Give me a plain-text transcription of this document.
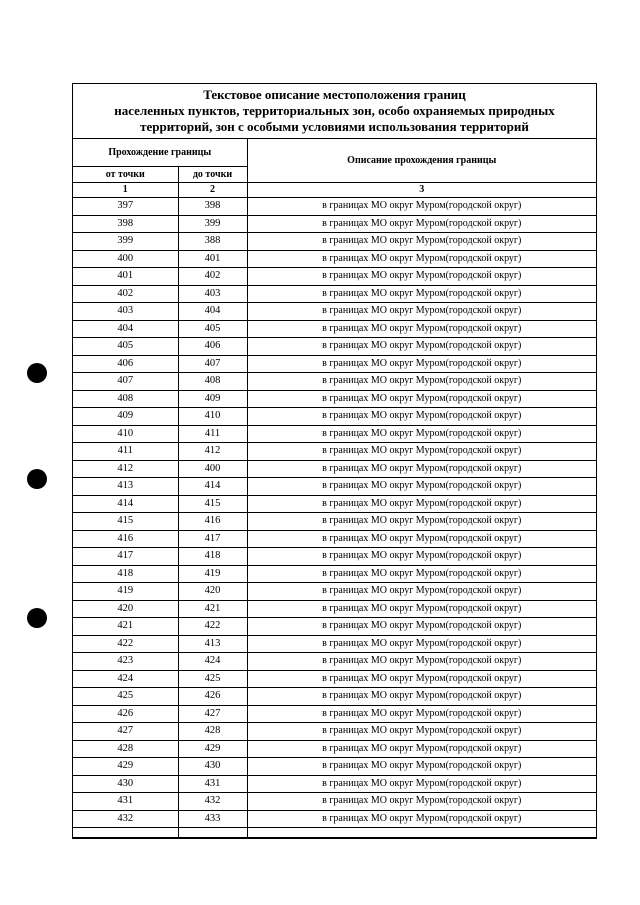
Текстовое описание местоположения границ
населенных пунктов, территориальных зон, особо охраняемых природных
территорий, зон с особыми условиями использования территорий
Прохождение границы		Описание прохождения границы
от точки	до точки	
1	2	3
397	398	в границах МО округ Муром(городской округ)
398	399	в границах МО округ Муром(городской округ)
399	388	в границах МО округ Муром(городской округ)
400	401	в границах МО округ Муром(городской округ)
401	402	в границах МО округ Муром(городской округ)
402	403	в границах МО округ Муром(городской округ)
403	404	в границах МО округ Муром(городской округ)
404	405	в границах МО округ Муром(городской округ)
405	406	в границах МО округ Муром(городской округ)
406	407	в границах МО округ Муром(городской округ)
407	408	в границах МО округ Муром(городской округ)
408	409	в границах МО округ Муром(городской округ)
409	410	в границах МО округ Муром(городской округ)
410	411	в границах МО округ Муром(городской округ)
411	412	в границах МО округ Муром(городской округ)
412	400	в границах МО округ Муром(городской округ)
413	414	в границах МО округ Муром(городской округ)
414	415	в границах МО округ Муром(городской округ)
415	416	в границах МО округ Муром(городской округ)
416	417	в границах МО округ Муром(городской округ)
417	418	в границах МО округ Муром(городской округ)
418	419	в границах МО округ Муром(городской округ)
419	420	в границах МО округ Муром(городской округ)
420	421	в границах МО округ Муром(городской округ)
421	422	в границах МО округ Муром(городской округ)
422	413	в границах МО округ Муром(городской округ)
423	424	в границах МО округ Муром(городской округ)
424	425	в границах МО округ Муром(городской округ)
425	426	в границах МО округ Муром(городской округ)
426	427	в границах МО округ Муром(городской округ)
427	428	в границах МО округ Муром(городской округ)
428	429	в границах МО округ Муром(городской округ)
429	430	в границах МО округ Муром(городской округ)
430	431	в границах МО округ Муром(городской округ)
431	432	в границах МО округ Муром(городской округ)
432	433	в границах МО округ Муром(городской округ)
